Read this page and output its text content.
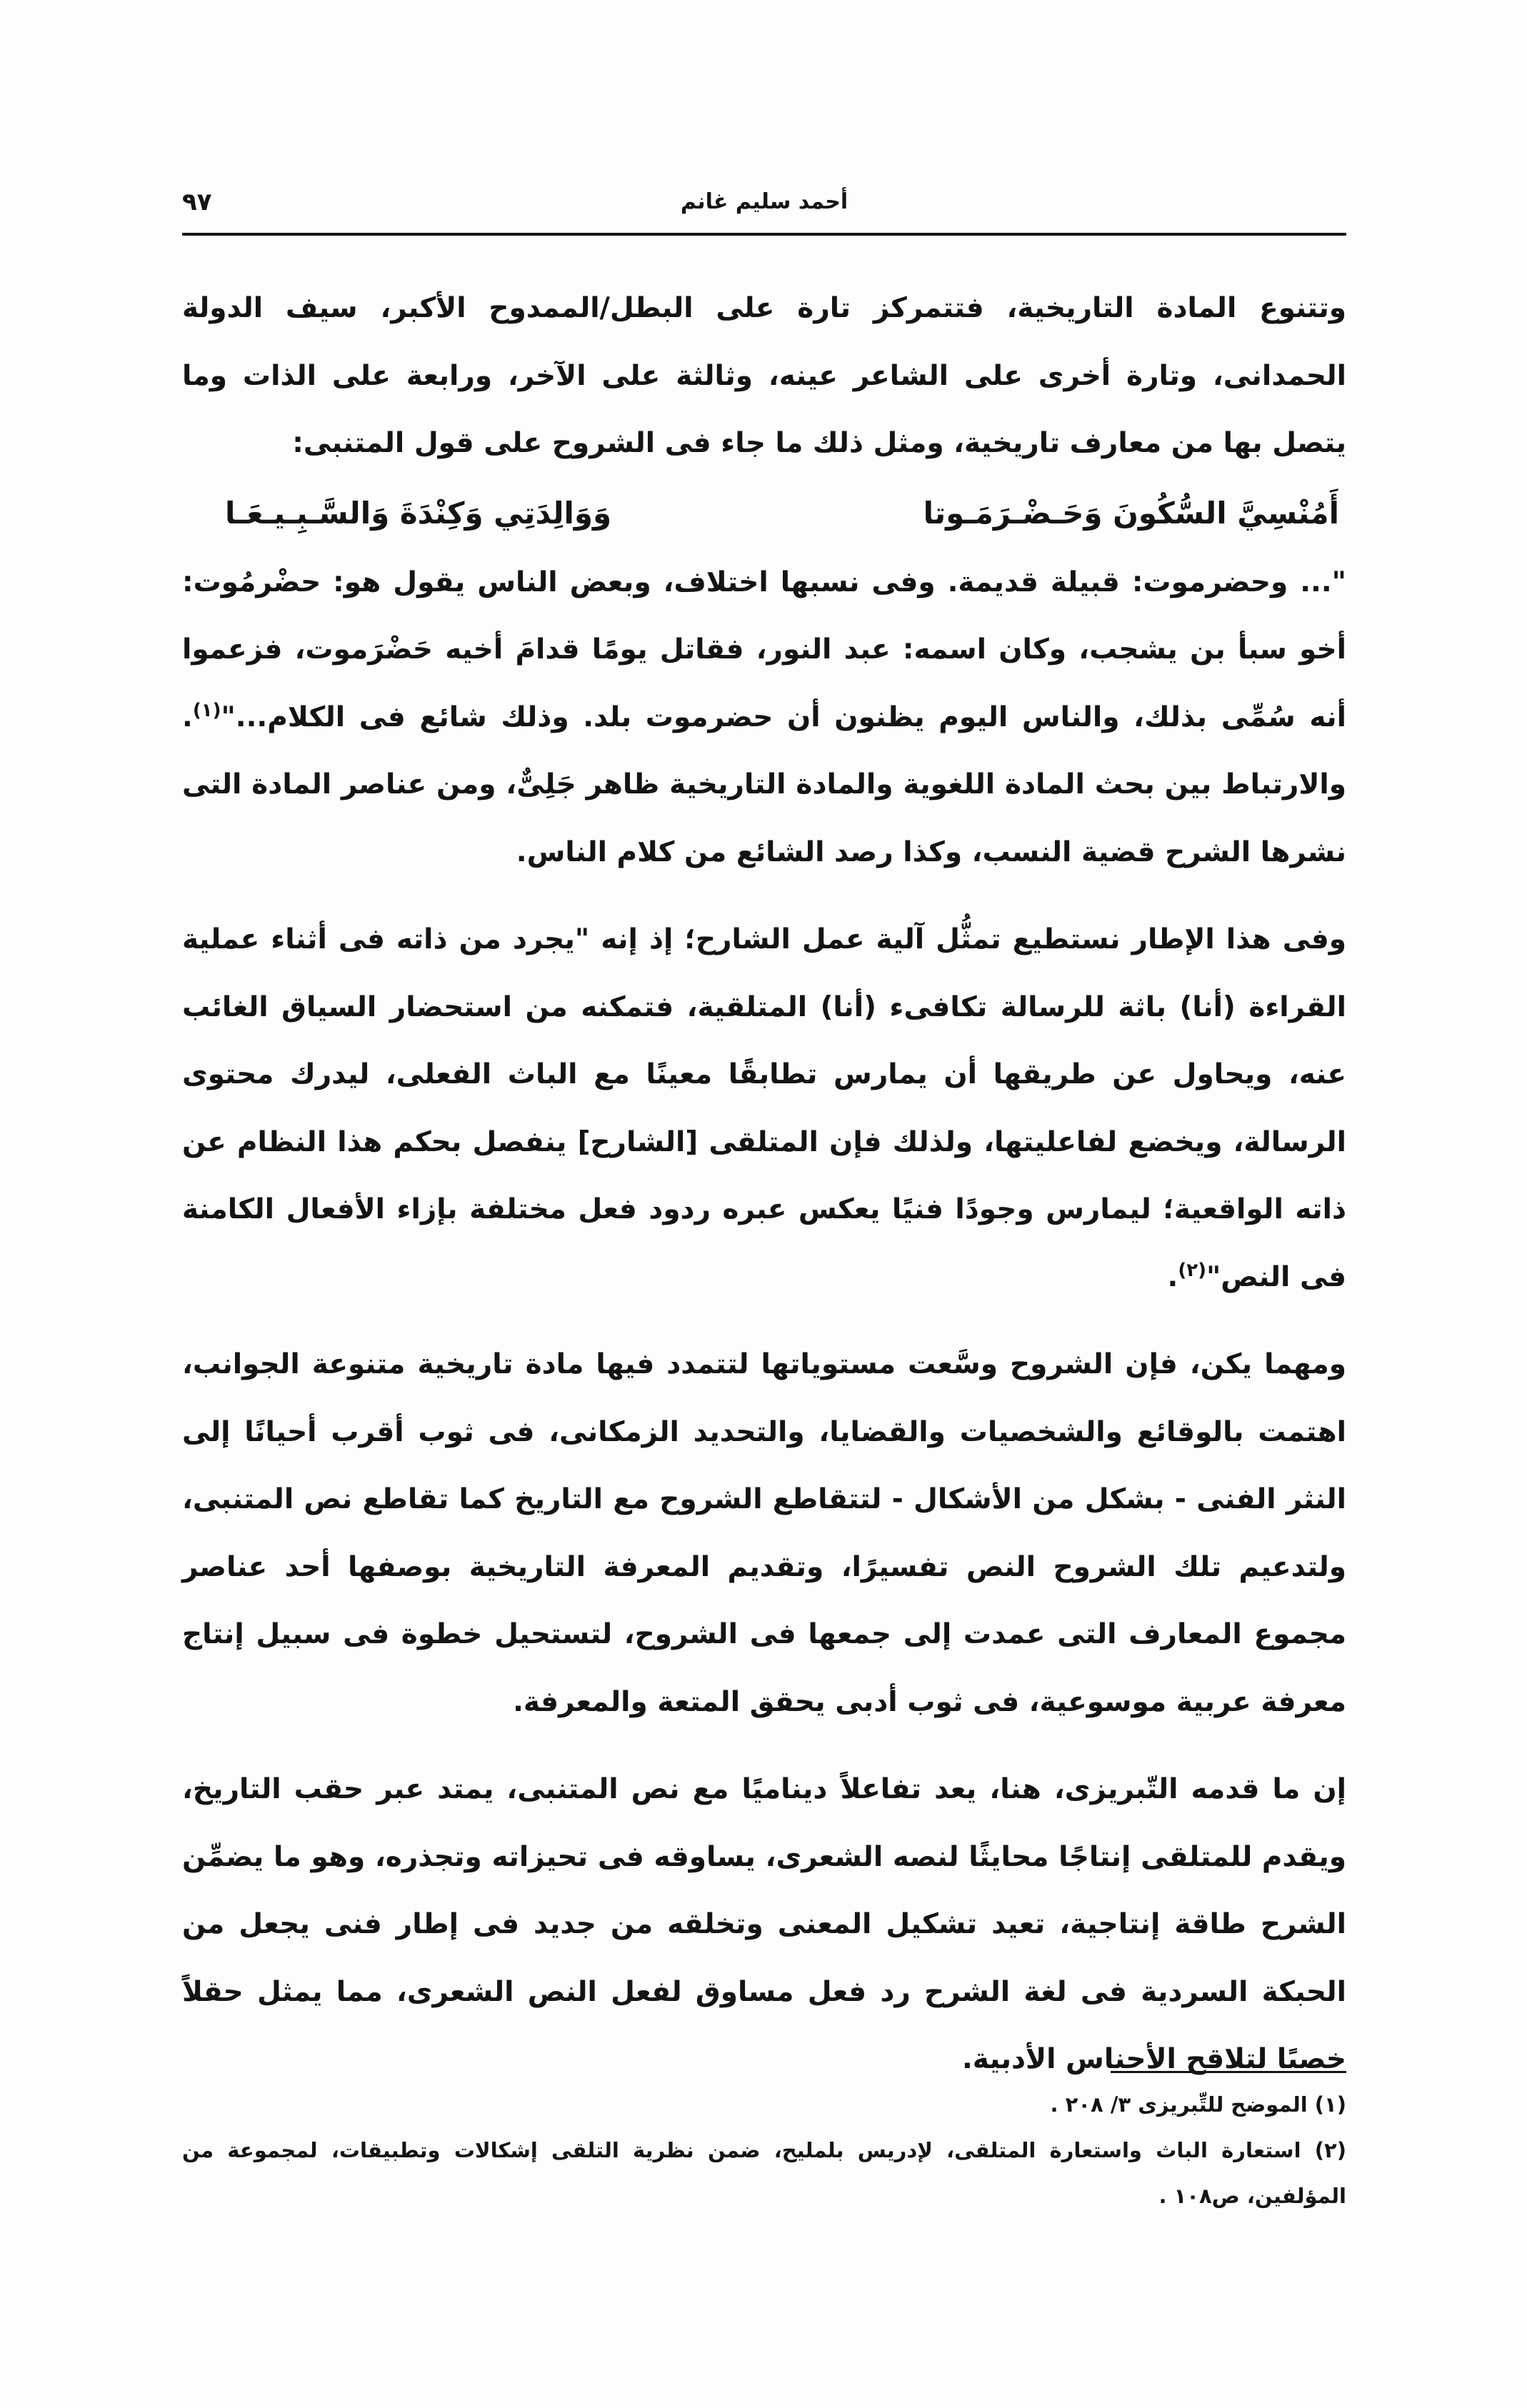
٩٧	أحمد سليم غانم

وتتنوع المادة التاريخية، فتتمركز تارة على البطل/الممدوح الأكبر، سيف الدولة الحمدانى، وتارة أخرى على الشاعر عينه، وثالثة على الآخر، ورابعة على الذات وما يتصل بها من معارف تاريخية، ومثل ذلك ما جاء فى الشروح على قول المتنبى:

أَمُنْسِيَّ السُّكُونَ وَحَـضْـرَمَـوتا
وَوَالِدَتِي وَكِنْدَةَ وَالسَّـبِـيـعَـا

"... وحضرموت: قبيلة قديمة. وفى نسبها اختلاف، وبعض الناس يقول هو: حضْرمُوت: أخو سبأ بن يشجب، وكان اسمه: عبد النور، فقاتل يومًا قدامَ أخيه حَضْرَموت، فزعموا أنه سُمِّى بذلك، والناس اليوم يظنون أن حضرموت بلد. وذلك شائع فى الكلام..."$^{(١)}$. والارتباط بين بحث المادة اللغوية والمادة التاريخية ظاهر جَلِىٌّ، ومن عناصر المادة التى نشرها الشرح قضية النسب، وكذا رصد الشائع من كلام الناس.

وفى هذا الإطار نستطيع تمثُّل آلية عمل الشارح؛ إذ إنه "يجرد من ذاته فى أثناء عملية القراءة (أنا) باثة للرسالة تكافىء (أنا) المتلقية، فتمكنه من استحضار السياق الغائب عنه، ويحاول عن طريقها أن يمارس تطابقًا معينًا مع الباث الفعلى، ليدرك محتوى الرسالة، ويخضع لفاعليتها، ولذلك فإن المتلقى [الشارح] ينفصل بحكم هذا النظام عن ذاته الواقعية؛ ليمارس وجودًا فنيًا يعكس عبره ردود فعل مختلفة بإزاء الأفعال الكامنة فى النص"$^{(٢)}$.

ومهما يكن، فإن الشروح وسَّعت مستوياتها لتتمدد فيها مادة تاريخية متنوعة الجوانب، اهتمت بالوقائع والشخصيات والقضايا، والتحديد الزمكانى، فى ثوب أقرب أحيانًا إلى النثر الفنى - بشكل من الأشكال - لتتقاطع الشروح مع التاريخ كما تقاطع نص المتنبى، ولتدعيم تلك الشروح النص تفسيرًا، وتقديم المعرفة التاريخية بوصفها أحد عناصر مجموع المعارف التى عمدت إلى جمعها فى الشروح، لتستحيل خطوة فى سبيل إنتاج معرفة عربية موسوعية، فى ثوب أدبى يحقق المتعة والمعرفة.

إن ما قدمه التّبريزى، هنا، يعد تفاعلاً ديناميًا مع نص المتنبى، يمتد عبر حقب التاريخ، ويقدم للمتلقى إنتاجًا محايثًا لنصه الشعرى، يساوقه فى تحيزاته وتجذره، وهو ما يضمِّن الشرح طاقة إنتاجية، تعيد تشكيل المعنى وتخلقه من جديد فى إطار فنى يجعل من الحبكة السردية فى لغة الشرح رد فعل مساوق لفعل النص الشعرى، مما يمثل حقلاً خصبًا لتلاقح الأجناس الأدبية.

(١) الموضح للتِّبريزى ٣/ ٢٠٨ .

(٢) استعارة الباث واستعارة المتلقى، لإدريس بلمليح، ضمن نظرية التلقى إشكالات وتطبيقات، لمجموعة من المؤلفين، ص١٠٨ .
